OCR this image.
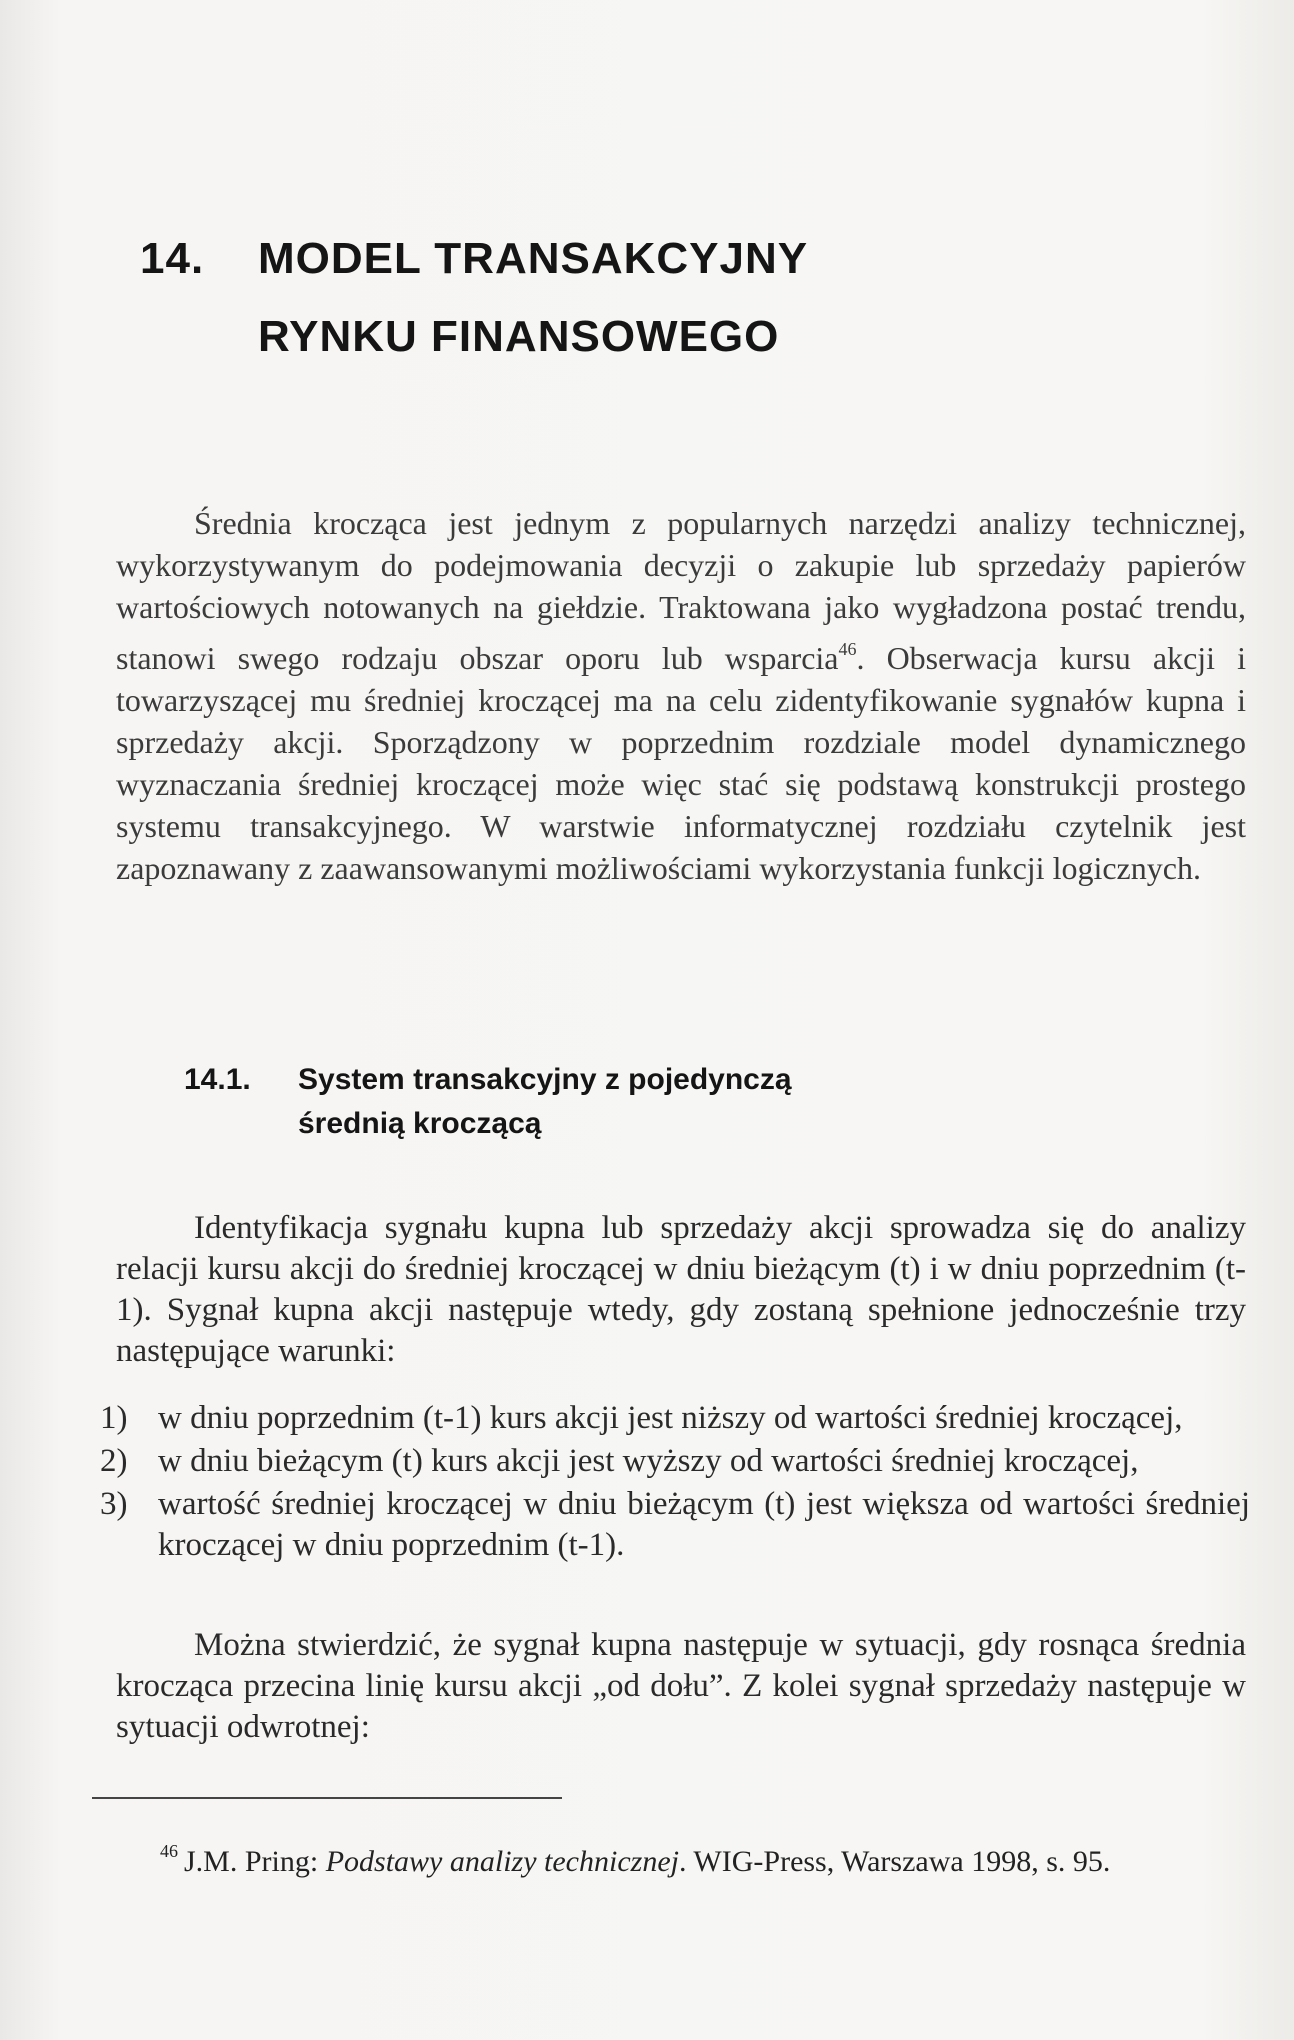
14. MODEL TRANSAKCYJNY
RYNKU FINANSOWEGO

Średnia krocząca jest jednym z popularnych narzędzi analizy technicznej, wykorzystywanym do podejmowania decyzji o zakupie lub sprzedaży papierów wartościowych notowanych na giełdzie. Traktowana jako wygładzona postać trendu, stanowi swego rodzaju obszar oporu lub wsparcia$^{46}$. Obserwacja kursu akcji i towarzyszącej mu średniej kroczącej ma na celu zidentyfikowanie sygnałów kupna i sprzedaży akcji. Sporządzony w poprzednim rozdziale model dynamicznego wyznaczania średniej kroczącej może więc stać się podstawą konstrukcji prostego systemu transakcyjnego. W warstwie informatycznej rozdziału czytelnik jest zapoznawany z zaawansowanymi możliwościami wykorzystania funkcji logicznych.

14.1. System transakcyjny z pojedynczą
średnią kroczącą

Identyfikacja sygnału kupna lub sprzedaży akcji sprowadza się do analizy relacji kursu akcji do średniej kroczącej w dniu bieżącym (t) i w dniu poprzednim (t-1). Sygnał kupna akcji następuje wtedy, gdy zostaną spełnione jednocześnie trzy następujące warunki:

1) w dniu poprzednim (t-1) kurs akcji jest niższy od wartości średniej kroczącej,
2) w dniu bieżącym (t) kurs akcji jest wyższy od wartości średniej kroczącej,
3) wartość średniej kroczącej w dniu bieżącym (t) jest większa od wartości średniej kroczącej w dniu poprzednim (t-1).

Można stwierdzić, że sygnał kupna następuje w sytuacji, gdy rosnąca średnia krocząca przecina linię kursu akcji „od dołu”. Z kolei sygnał sprzedaży następuje w sytuacji odwrotnej:

$^{46}$ J.M. Pring: Podstawy analizy technicznej. WIG-Press, Warszawa 1998, s. 95.
